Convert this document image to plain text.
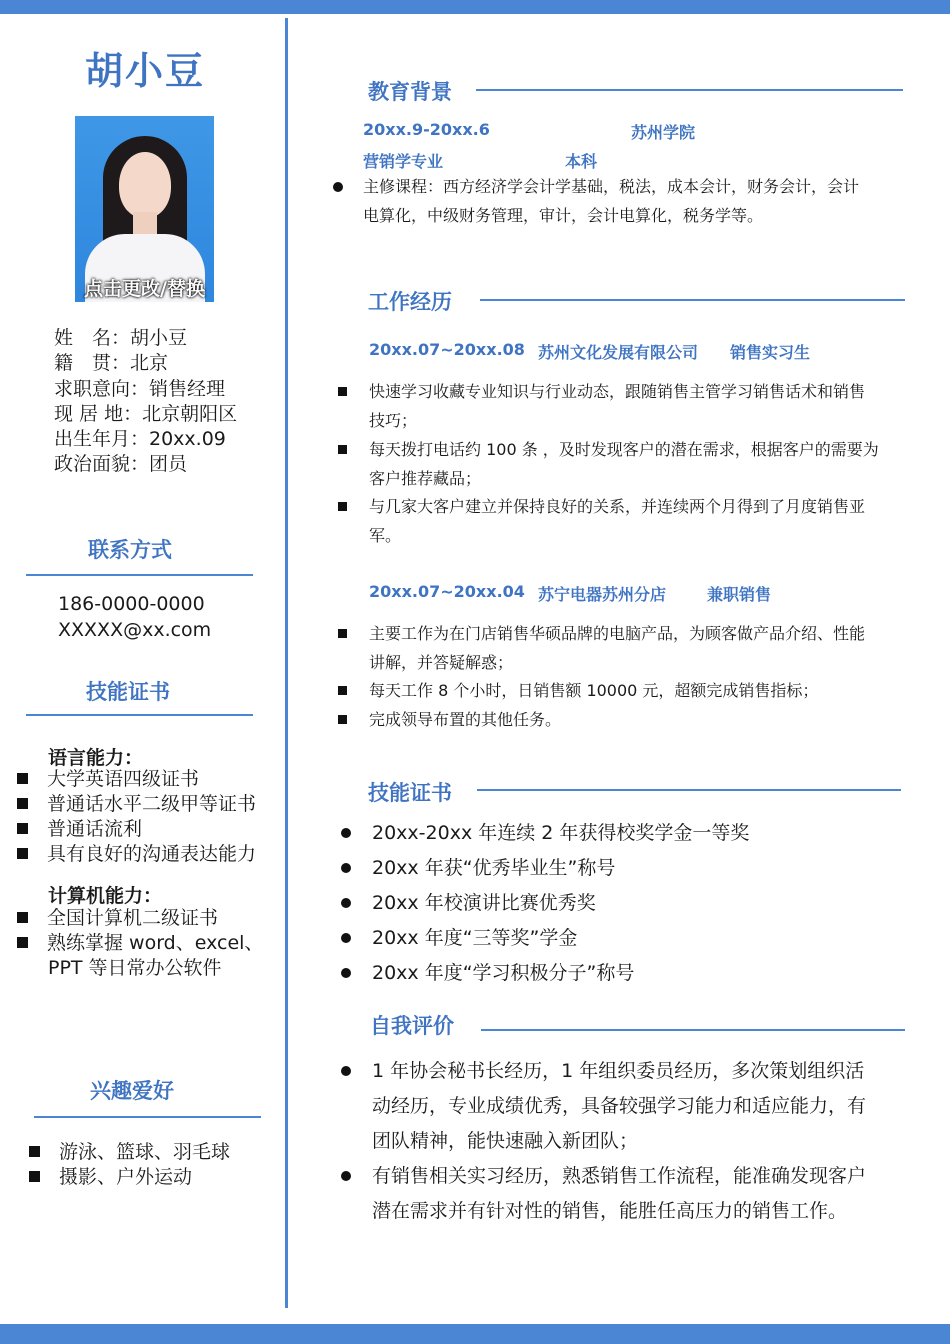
胡小豆
点击更改/替换
姓　名：胡小豆
籍　贯：北京
求职意向：销售经理
现 居 地：北京朝阳区
出生年月：20xx.09
政治面貌：团员
联系方式
186-0000-0000
XXXXX@xx.com
技能证书
语言能力：
大学英语四级证书
普通话水平二级甲等证书
普通话流利
具有良好的沟通表达能力
计算机能力：
全国计算机二级证书
熟练掌握 word、excel、
PPT 等日常办公软件
兴趣爱好
游泳、篮球、羽毛球
摄影、户外运动
教育背景
20xx.9-20xx.6	苏州学院
营销学专业	本科
主修课程：西方经济学会计学基础，税法，成本会计，财务会计，会计
电算化，中级财务管理，审计，会计电算化，税务学等。
工作经历
20xx.07~20xx.08 苏州文化发展有限公司 销售实习生
快速学习收藏专业知识与行业动态，跟随销售主管学习销售话术和销售
技巧；
每天拨打电话约 100 条 ，及时发现客户的潜在需求，根据客户的需要为
客户推荐藏品；
与几家大客户建立并保持良好的关系，并连续两个月得到了月度销售亚
军。
20xx.07~20xx.04 苏宁电器苏州分店	兼职销售
主要工作为在门店销售华硕品牌的电脑产品，为顾客做产品介绍、性能
讲解，并答疑解惑；
每天工作 8 个小时，日销售额 10000 元，超额完成销售指标；
完成领导布置的其他任务。
技能证书
20xx-20xx 年连续 2 年获得校奖学金一等奖
20xx 年获“优秀毕业生”称号
20xx 年校演讲比赛优秀奖
20xx 年度“三等奖”学金
20xx 年度“学习积极分子”称号
自我评价
1 年协会秘书长经历，1 年组织委员经历，多次策划组织活
动经历，专业成绩优秀，具备较强学习能力和适应能力，有
团队精神，能快速融入新团队；
有销售相关实习经历，熟悉销售工作流程，能准确发现客户
潜在需求并有针对性的销售，能胜任高压力的销售工作。
